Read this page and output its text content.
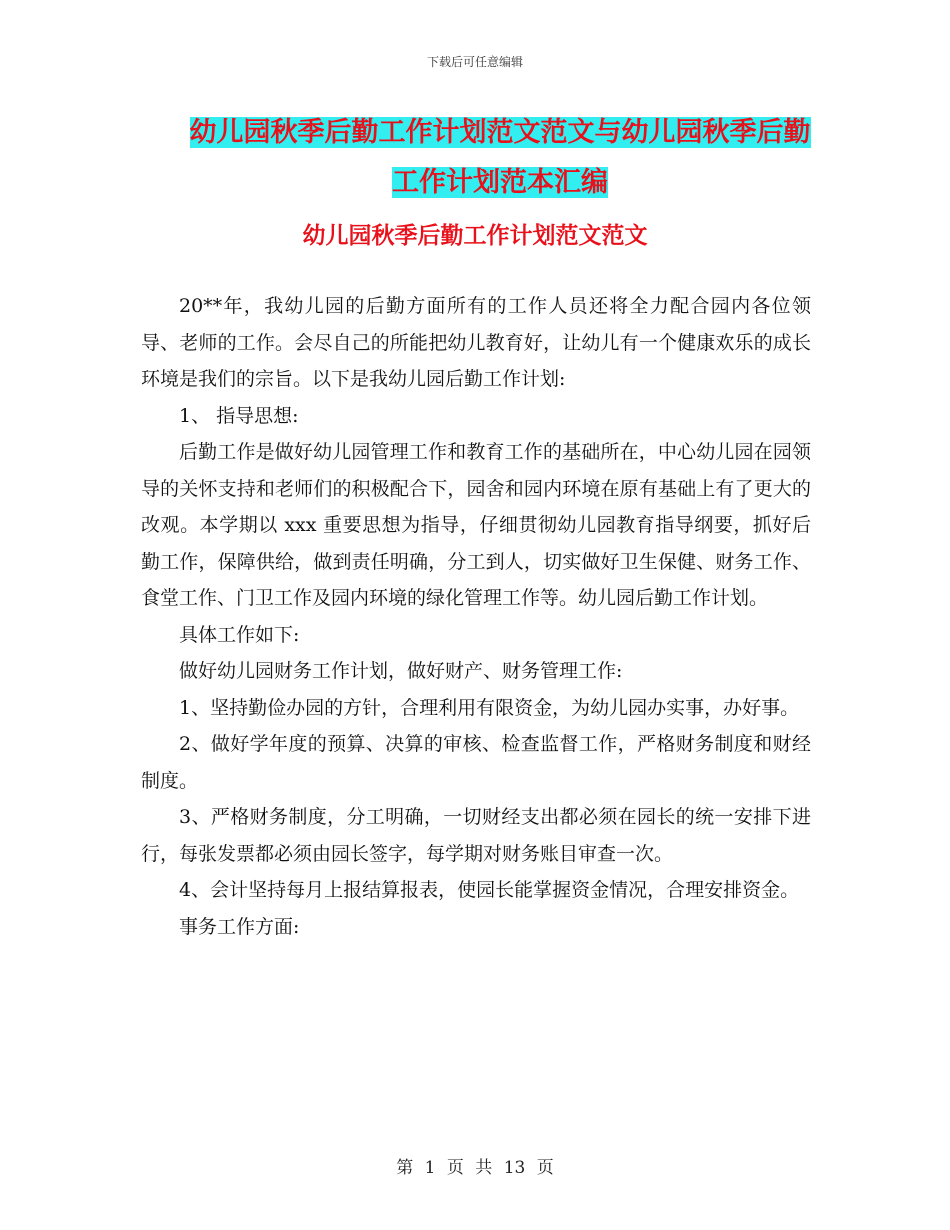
下载后可任意编辑
幼儿园秋季后勤工作计划范文范文与幼儿园秋季后勤
工作计划范本汇编
幼儿园秋季后勤工作计划范文范文

20**年，我幼儿园的后勤方面所有的工作人员还将全力配合园内各位领导、老师的工作。会尽自己的所能把幼儿教育好，让幼儿有一个健康欢乐的成长环境是我们的宗旨。以下是我幼儿园后勤工作计划:

1、 指导思想:

后勤工作是做好幼儿园管理工作和教育工作的基础所在，中心幼儿园在园领导的关怀支持和老师们的积极配合下，园舍和园内环境在原有基础上有了更大的改观。本学期以 xxx 重要思想为指导，仔细贯彻幼儿园教育指导纲要，抓好后勤工作，保障供给，做到责任明确，分工到人，切实做好卫生保健、财务工作、食堂工作、门卫工作及园内环境的绿化管理工作等。幼儿园后勤工作计划。

具体工作如下:

做好幼儿园财务工作计划，做好财产、财务管理工作:

1、坚持勤俭办园的方针，合理利用有限资金，为幼儿园办实事，办好事。

2、做好学年度的预算、决算的审核、检查监督工作，严格财务制度和财经制度。

3、严格财务制度，分工明确，一切财经支出都必须在园长的统一安排下进行，每张发票都必须由园长签字，每学期对财务账目审查一次。

4、会计坚持每月上报结算报表，使园长能掌握资金情况，合理安排资金。

事务工作方面:

第 1 页 共 13 页
